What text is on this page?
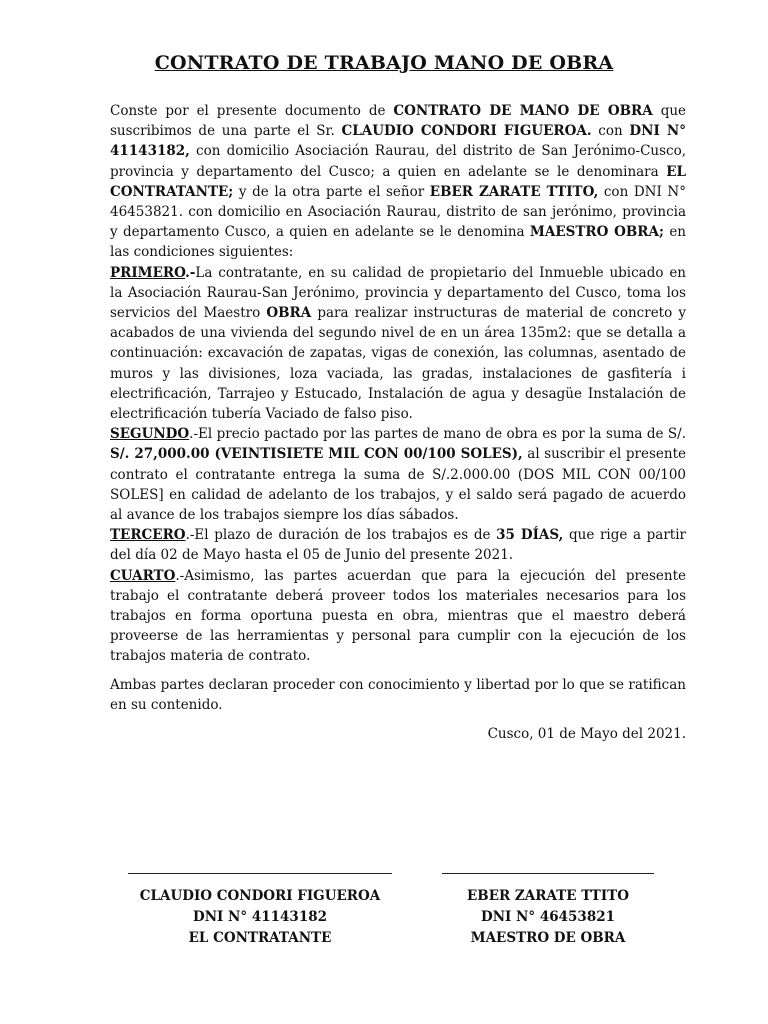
CONTRATO DE TRABAJO MANO DE OBRA

Conste por el presente documento de CONTRATO DE MANO DE OBRA que suscribimos de una parte el Sr. CLAUDIO CONDORI FIGUEROA. con DNI N° 41143182, con domicilio Asociación Raurau, del distrito de San Jerónimo-Cusco, provincia y departamento del Cusco; a quien en adelante se le denominara EL CONTRATANTE; y de la otra parte el señor EBER ZARATE TTITO, con DNI N° 46453821. con domicilio en Asociación Raurau, distrito de san jerónimo, provincia y departamento Cusco, a quien en adelante se le denomina MAESTRO OBRA; en las condiciones siguientes:

PRIMERO.-La contratante, en su calidad de propietario del Inmueble ubicado en la Asociación Raurau-San Jerónimo, provincia y departamento del Cusco, toma los servicios del Maestro OBRA para realizar instructuras de material de concreto y acabados de una vivienda del segundo nivel de en un área 135m2: que se detalla a continuación: excavación de zapatas, vigas de conexión, las columnas, asentado de muros y las divisiones, loza vaciada, las gradas, instalaciones de gasfitería i electrificación, Tarrajeo y Estucado, Instalación de agua y desagüe Instalación de electrificación tubería Vaciado de falso piso.

SEGUNDO.-El precio pactado por las partes de mano de obra es por la suma de S/. S/. 27,000.00 (VEINTISIETE MIL CON 00/100 SOLES), al suscribir el presente contrato el contratante entrega la suma de S/.2.000.00 (DOS MIL CON 00/100 SOLES] en calidad de adelanto de los trabajos, y el saldo será pagado de acuerdo al avance de los trabajos siempre los días sábados.

TERCERO.-El plazo de duración de los trabajos es de 35 DÍAS, que rige a partir del día 02 de Mayo hasta el 05 de Junio del presente 2021.

CUARTO.-Asimismo, las partes acuerdan que para la ejecución del presente trabajo el contratante deberá proveer todos los materiales necesarios para los trabajos en forma oportuna puesta en obra, mientras que el maestro deberá proveerse de las herramientas y personal para cumplir con la ejecución de los trabajos materia de contrato.

Ambas partes declaran proceder con conocimiento y libertad por lo que se ratifican en su contenido.

Cusco, 01 de Mayo del 2021.

CLAUDIO CONDORI FIGUEROA
DNI N° 41143182
EL CONTRATANTE
EBER ZARATE TTITO
DNI N° 46453821
MAESTRO DE OBRA
